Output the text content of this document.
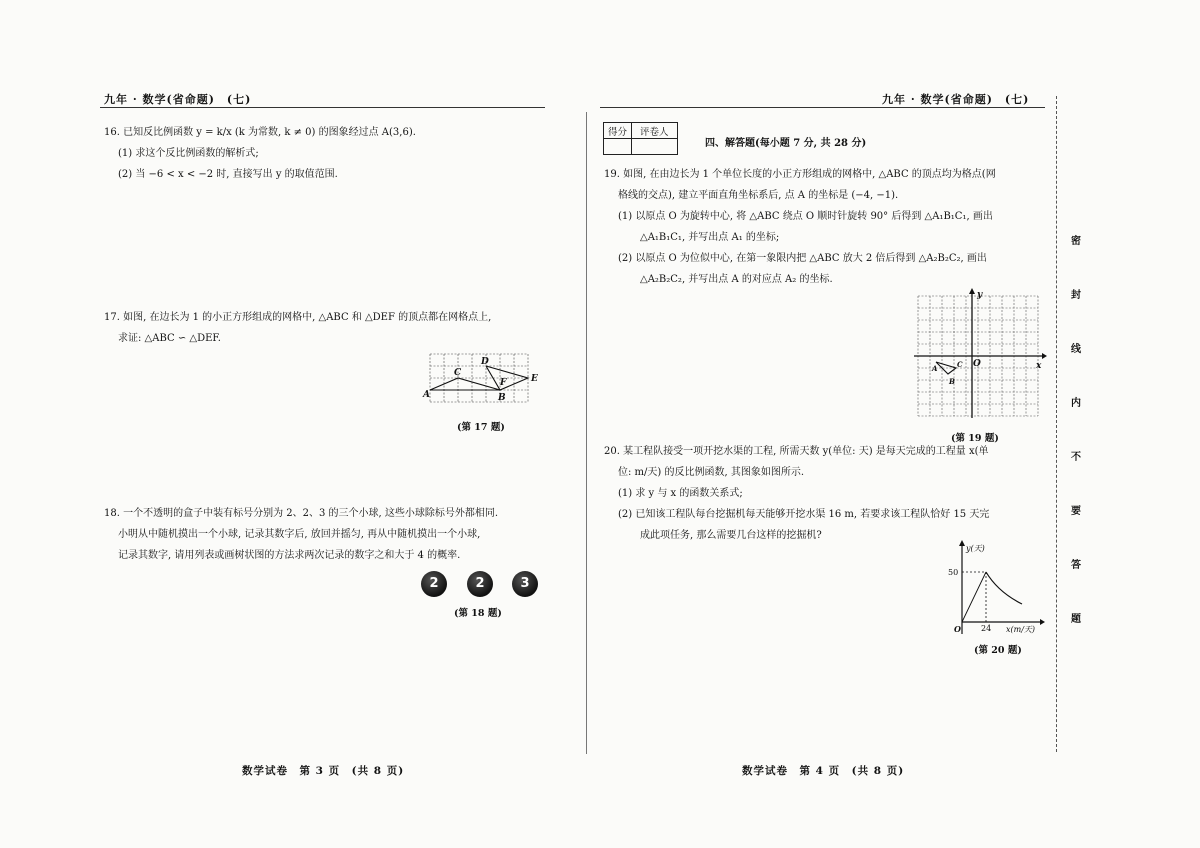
九年 · 数学(省命题)　(七)
16. 已知反比例函数 y = k/x (k 为常数, k ≠ 0) 的图象经过点 A(3,6).
(1) 求这个反比例函数的解析式;
(2) 当 −6 < x < −2 时, 直接写出 y 的取值范围.
17. 如图, 在边长为 1 的小正方形组成的网格中, △ABC 和 △DEF 的顶点都在网格点上,
求证: △ABC ∽ △DEF.
A
C
B
D
F	E
(第 17 题)
18. 一个不透明的盒子中装有标号分别为 2、2、3 的三个小球, 这些小球除标号外都相同.
小明从中随机摸出一个小球, 记录其数字后, 放回并摇匀, 再从中随机摸出一个小球,
记录其数字, 请用列表或画树状图的方法求两次记录的数字之和大于 4 的概率.
2	2	3
(第 18 题)
数学试卷　第 3 页　(共 8 页)
九年 · 数学(省命题)　(七)
得分	评卷人

四、解答题(每小题 7 分, 共 28 分)
19. 如图, 在由边长为 1 个单位长度的小正方形组成的网格中, △ABC 的顶点均为格点(网
格线的交点), 建立平面直角坐标系后, 点 A 的坐标是 (−4, −1).
(1) 以原点 O 为旋转中心, 将 △ABC 绕点 O 顺时针旋转 90° 后得到 △A₁B₁C₁, 画出
△A₁B₁C₁, 并写出点 A₁ 的坐标;
(2) 以原点 O 为位似中心, 在第一象限内把 △ABC 放大 2 倍后得到 △A₂B₂C₂, 画出
△A₂B₂C₂, 并写出点 A 的对应点 A₂ 的坐标.
y
x
O
A
B
C
(第 19 题)
20. 某工程队接受一项开挖水渠的工程, 所需天数 y(单位: 天) 是每天完成的工程量 x(单
位: m/天) 的反比例函数, 其图象如图所示.
(1) 求 y 与 x 的函数关系式;
(2) 已知该工程队每台挖掘机每天能够开挖水渠 16 m, 若要求该工程队恰好 15 天完
成此项任务, 那么需要几台这样的挖掘机?
y(天)
x(m/天)
O
50
24
(第 20 题)
数学试卷　第 4 页　(共 8 页)
密
封
线
内
不
要
答
题
